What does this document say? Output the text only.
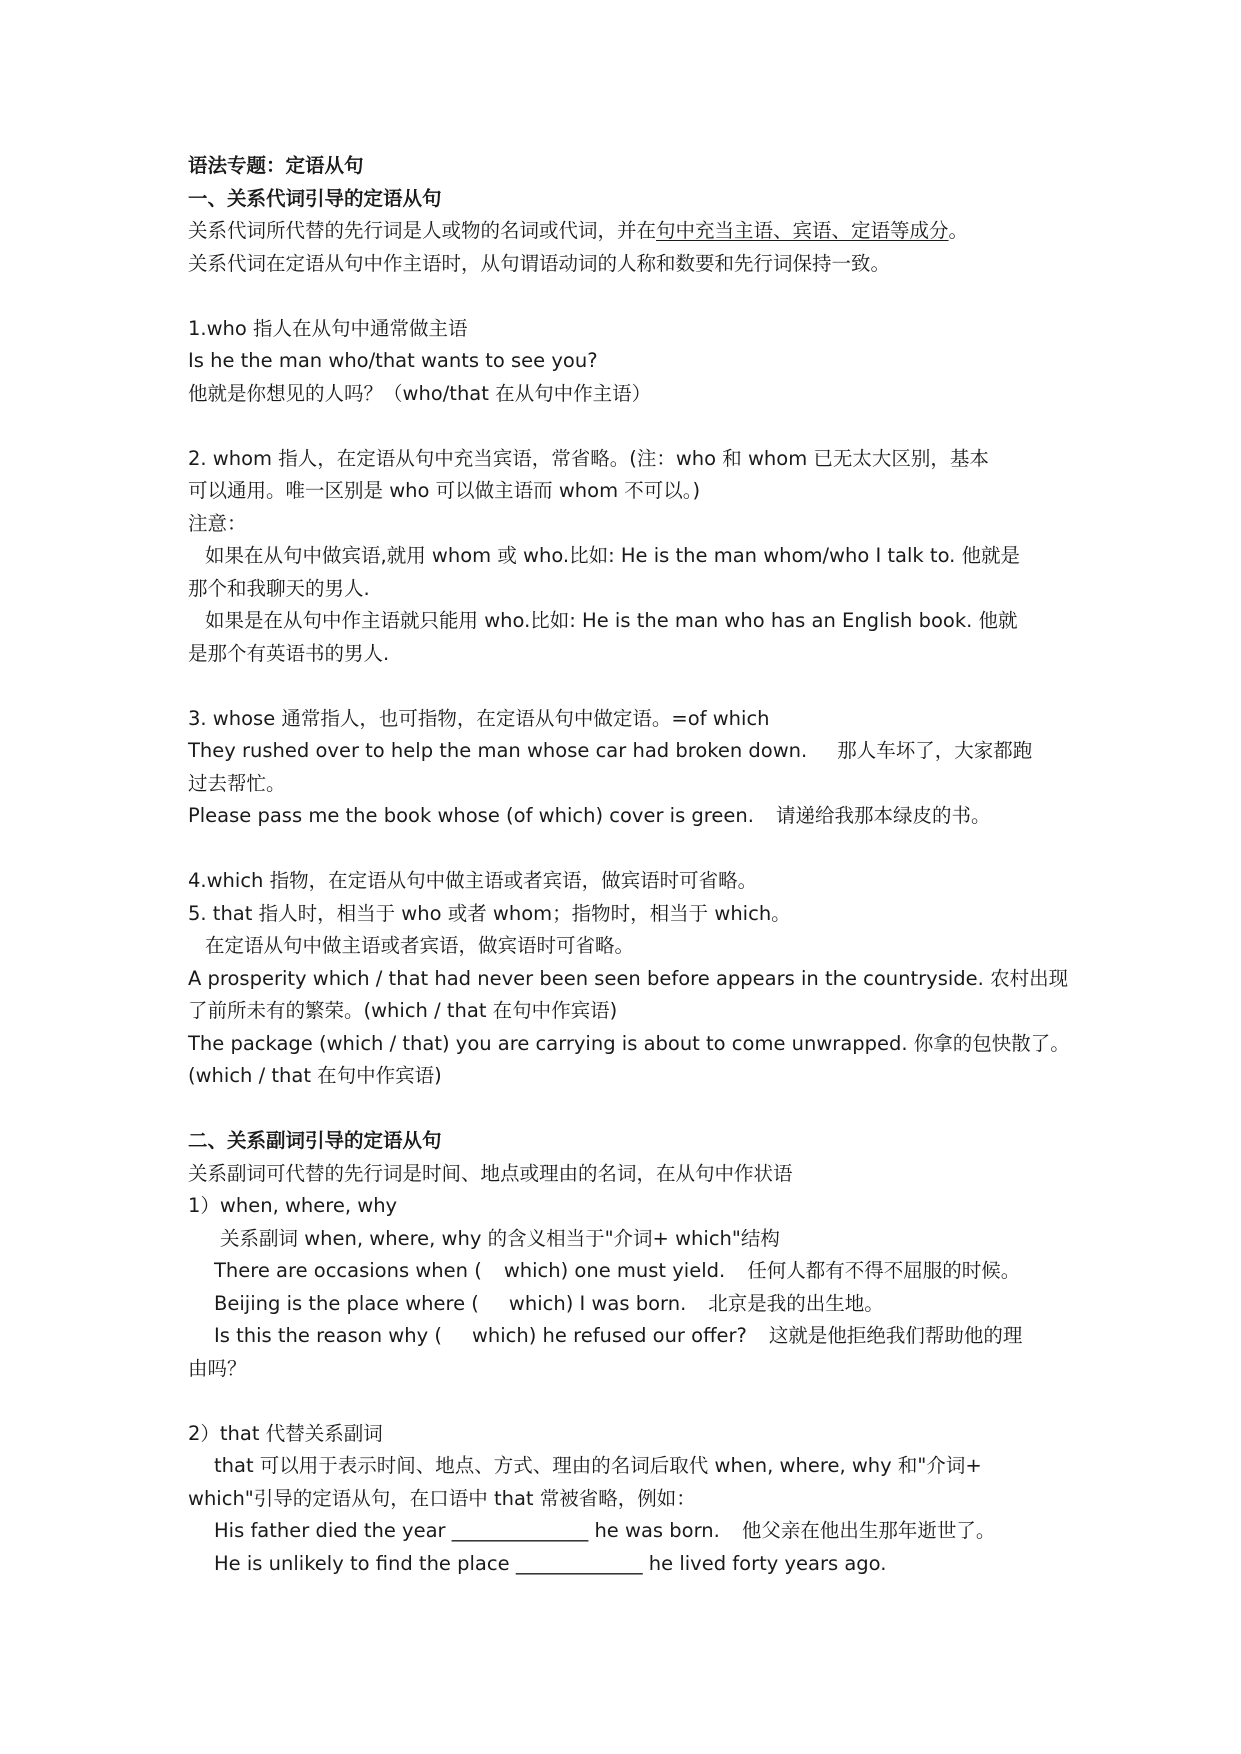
语法专题：定语从句
一、关系代词引导的定语从句
关系代词所代替的先行词是人或物的名词或代词，并在句中充当主语、宾语、定语等成分。
关系代词在定语从句中作主语时，从句谓语动词的人称和数要和先行词保持一致。
1.who 指人在从句中通常做主语
Is he the man who/that wants to see you?
他就是你想见的人吗？（who/that 在从句中作主语）
2. whom 指人，在定语从句中充当宾语，常省略。(注：who 和 whom 已无太大区别，基本
可以通用。唯一区别是 who 可以做主语而 whom 不可以。)
注意：
如果在从句中做宾语,就用 whom 或 who.比如: He is the man whom/who I talk to. 他就是
那个和我聊天的男人.
如果是在从句中作主语就只能用 who.比如: He is the man who has an English book. 他就
是那个有英语书的男人.
3. whose 通常指人，也可指物，在定语从句中做定语。=of which
They rushed over to help the man whose car had broken down. 那人车坏了，大家都跑
过去帮忙。
Please pass me the book whose (of which) cover is green. 请递给我那本绿皮的书。
4.which 指物，在定语从句中做主语或者宾语，做宾语时可省略。
5. that 指人时，相当于 who 或者 whom；指物时，相当于 which。
在定语从句中做主语或者宾语，做宾语时可省略。
A prosperity which / that had never been seen before appears in the countryside. 农村出现
了前所未有的繁荣。(which / that 在句中作宾语)
The package (which / that) you are carrying is about to come unwrapped. 你拿的包快散了。
(which / that 在句中作宾语)
二、关系副词引导的定语从句
关系副词可代替的先行词是时间、地点或理由的名词，在从句中作状语
1）when, where, why
关系副词 when, where, why 的含义相当于"介词+ which"结构
There are occasions when ( which) one must yield. 任何人都有不得不屈服的时候。
Beijing is the place where ( which) I was born. 北京是我的出生地。
Is this the reason why ( which) he refused our offer? 这就是他拒绝我们帮助他的理
由吗？
2）that 代替关系副词
that 可以用于表示时间、地点、方式、理由的名词后取代 when, where, why 和"介词+
which"引导的定语从句，在口语中 that 常被省略，例如：
His father died the year ______________ he was born. 他父亲在他出生那年逝世了。
He is unlikely to find the place _____________ he lived forty years ago.
